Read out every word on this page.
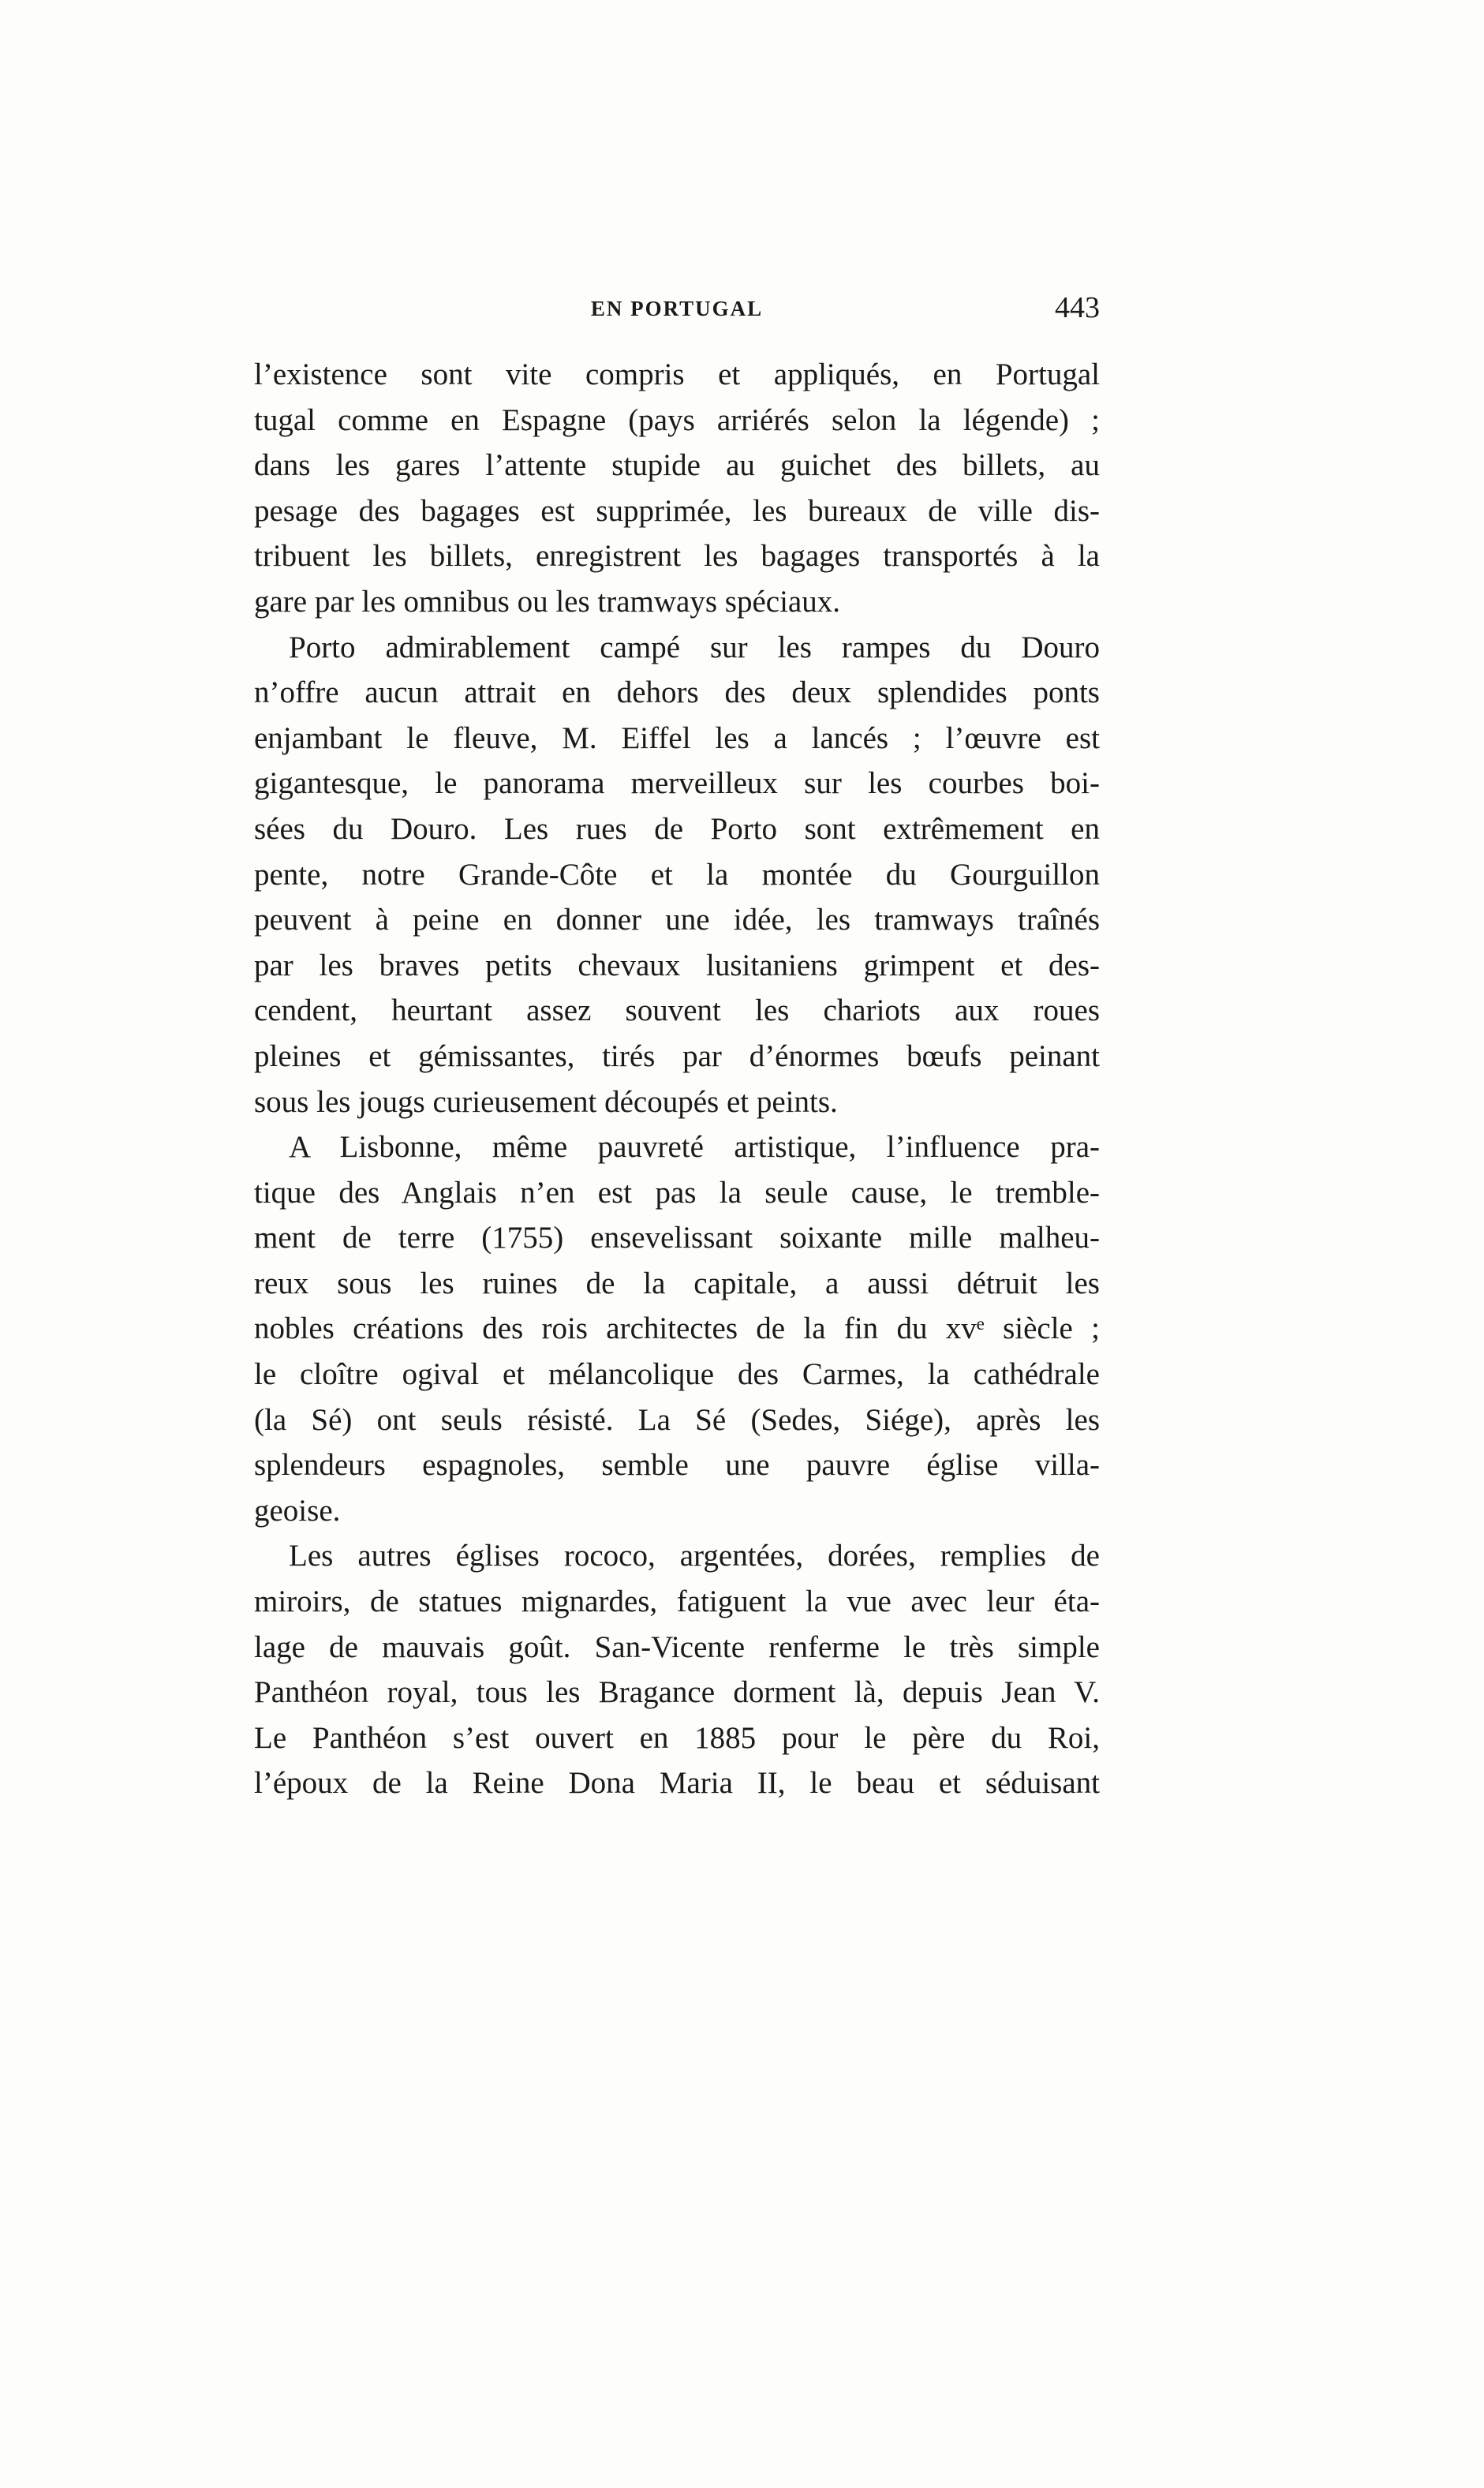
EN PORTUGAL	443
l’existence sont vite compris et appliqués, en Portugal
tugal comme en Espagne (pays arriérés selon la légende) ;
dans les gares l’attente stupide au guichet des billets, au
pesage des bagages est supprimée, les bureaux de ville dis-
tribuent les billets, enregistrent les bagages transportés à la
gare par les omnibus ou les tramways spéciaux.
Porto admirablement campé sur les rampes du Douro
n’offre aucun attrait en dehors des deux splendides ponts
enjambant le fleuve, M. Eiffel les a lancés ; l’œuvre est
gigantesque, le panorama merveilleux sur les courbes boi-
sées du Douro. Les rues de Porto sont extrêmement en
pente, notre Grande-Côte et la montée du Gourguillon
peuvent à peine en donner une idée, les tramways traînés
par les braves petits chevaux lusitaniens grimpent et des-
cendent, heurtant assez souvent les chariots aux roues
pleines et gémissantes, tirés par d’énormes bœufs peinant
sous les jougs curieusement découpés et peints.
A Lisbonne, même pauvreté artistique, l’influence pra-
tique des Anglais n’en est pas la seule cause, le tremble-
ment de terre (1755) ensevelissant soixante mille malheu-
reux sous les ruines de la capitale, a aussi détruit les
nobles créations des rois architectes de la fin du xvᵉ siècle ;
le cloître ogival et mélancolique des Carmes, la cathédrale
(la Sé) ont seuls résisté. La Sé (Sedes, Siége), après les
splendeurs espagnoles, semble une pauvre église villa-
geoise.
Les autres églises rococo, argentées, dorées, remplies de
miroirs, de statues mignardes, fatiguent la vue avec leur éta-
lage de mauvais goût. San-Vicente renferme le très simple
Panthéon royal, tous les Bragance dorment là, depuis Jean V.
Le Panthéon s’est ouvert en 1885 pour le père du Roi,
l’époux de la Reine Dona Maria II, le beau et séduisant
